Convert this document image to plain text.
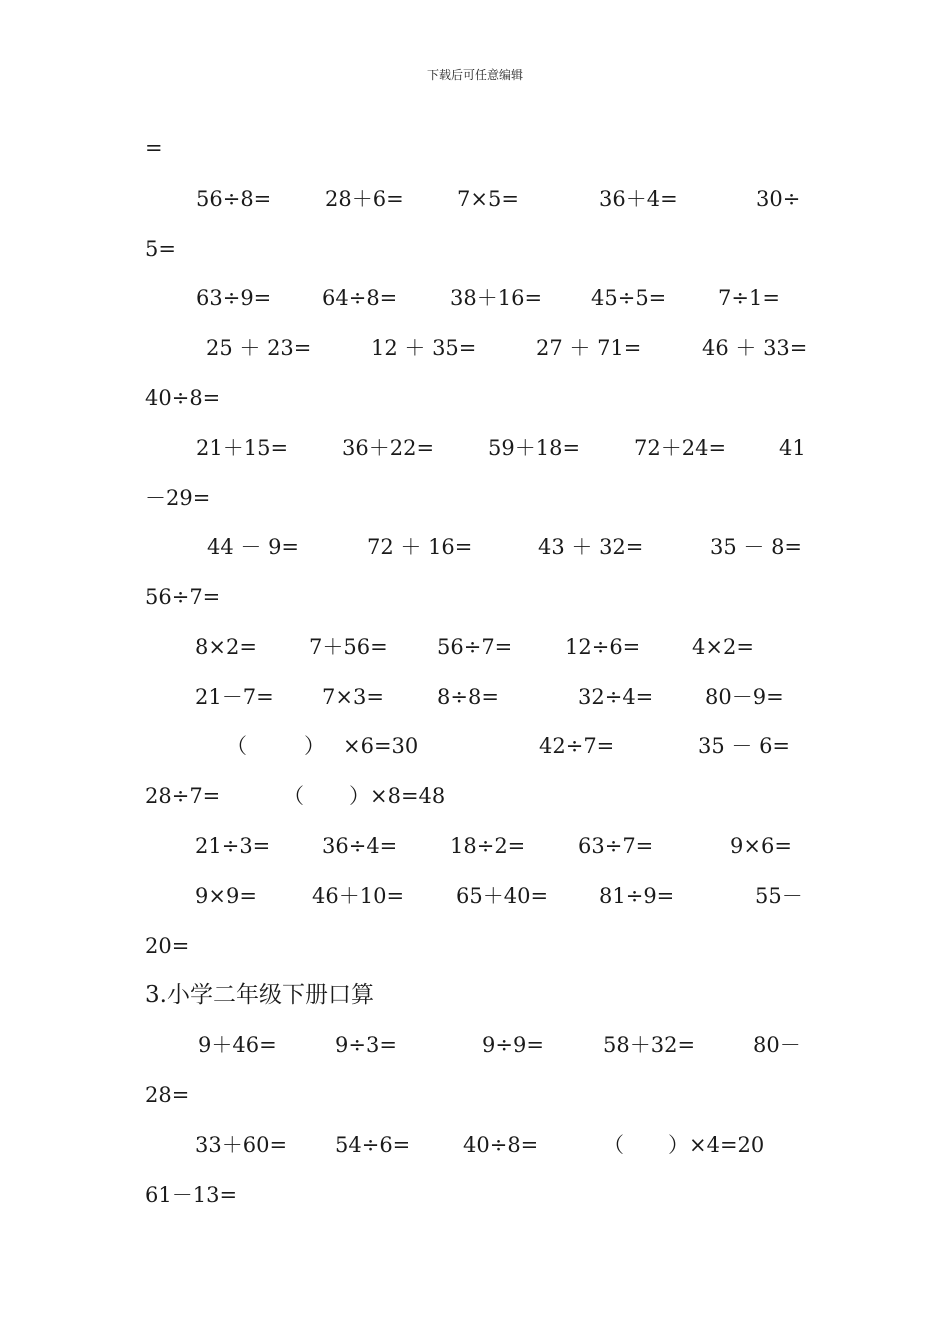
下载后可任意编辑
=
56÷8=	28＋6=	7×5=	36＋4=	30÷
5=
63÷9= 64÷8=	38＋16= 45÷5= 7÷1=
25 ＋ 23=	12 ＋ 35=	27 ＋ 71=	46 ＋ 33=
40÷8=
21＋15=	36＋22=	59＋18=	72＋24=	41
－29=
44 － 9=	72 ＋ 16=	43 ＋ 32=	35 － 8=
56÷7=
8×2= 7＋56= 56÷7=	12÷6= 4×2=
21－7= 7×3=	8÷8=	32÷4= 80－9=
（	） ×6=30	42÷7=	35 － 6=
28÷7=	（ ）×8=48
21÷3= 36÷4=	18÷2=	63÷7=	9×6=
9×9=	46＋10= 65＋40= 81÷9=	55－
20=
3.小学二年级下册口算
9＋46=	9÷3=	9÷9=	58＋32=	80－
28=
33＋60= 54÷6=	40÷8=	（ ）×4=20
61－13=
